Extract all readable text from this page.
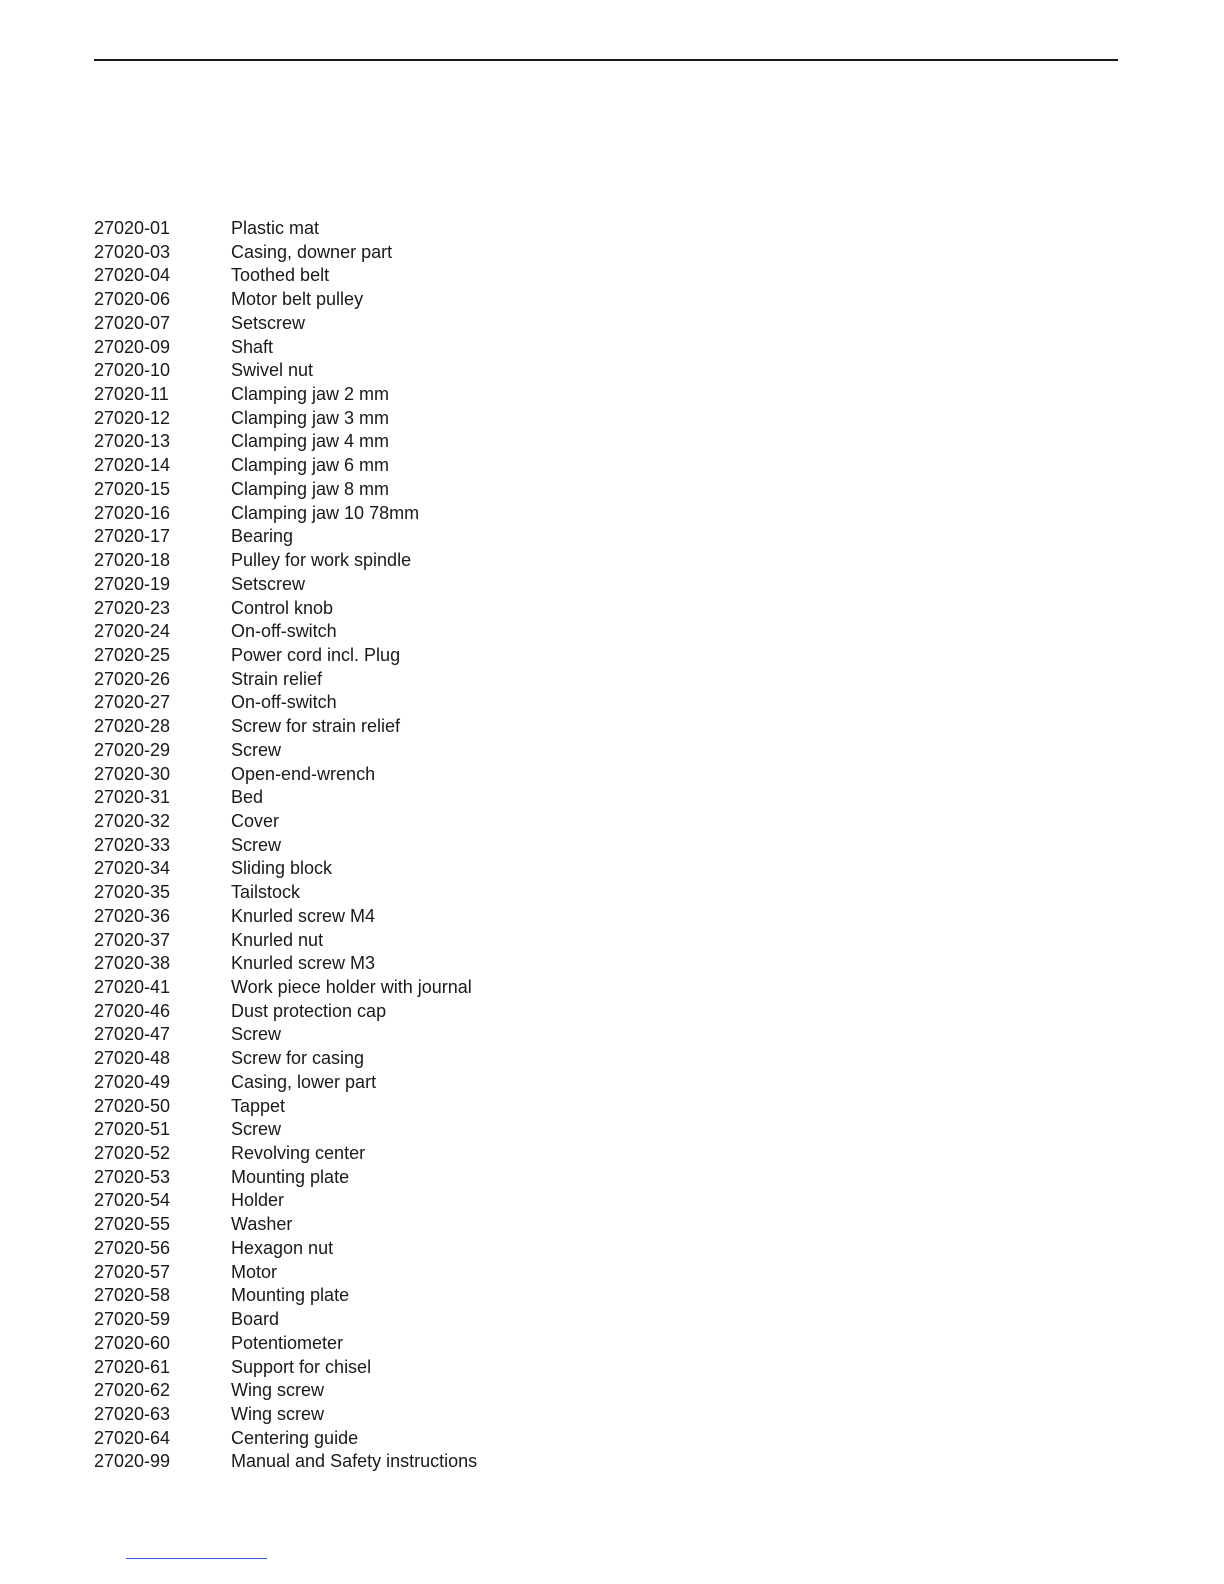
27020-01	Plastic mat
27020-03	Casing, downer part
27020-04	Toothed belt
27020-06	Motor belt pulley
27020-07	Setscrew
27020-09	Shaft
27020-10	Swivel nut
27020-11	Clamping jaw 2 mm
27020-12	Clamping jaw 3 mm
27020-13	Clamping jaw 4 mm
27020-14	Clamping jaw 6 mm
27020-15	Clamping jaw 8 mm
27020-16	Clamping jaw 10 78mm
27020-17	Bearing
27020-18	Pulley for work spindle
27020-19	Setscrew
27020-23	Control knob
27020-24	On-off-switch
27020-25	Power cord incl. Plug
27020-26	Strain relief
27020-27	On-off-switch
27020-28	Screw for strain relief
27020-29	Screw
27020-30	Open-end-wrench
27020-31	Bed
27020-32	Cover
27020-33	Screw
27020-34	Sliding block
27020-35	Tailstock
27020-36	Knurled screw M4
27020-37	Knurled nut
27020-38	Knurled screw M3
27020-41	Work piece holder with journal
27020-46	Dust protection cap
27020-47	Screw
27020-48	Screw for casing
27020-49	Casing, lower part
27020-50	Tappet
27020-51	Screw
27020-52	Revolving center
27020-53	Mounting plate
27020-54	Holder
27020-55	Washer
27020-56	Hexagon nut
27020-57	Motor
27020-58	Mounting plate
27020-59	Board
27020-60	Potentiometer
27020-61	Support for chisel
27020-62	Wing screw
27020-63	Wing screw
27020-64	Centering guide
27020-99	Manual and Safety instructions
